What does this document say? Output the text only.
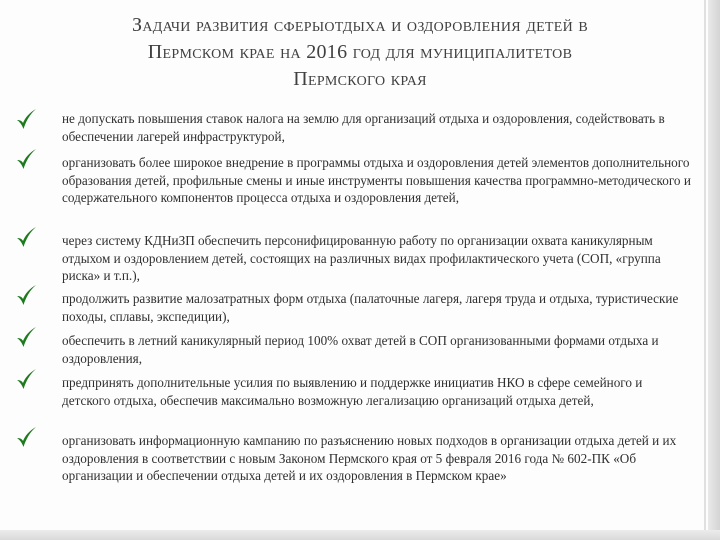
Задачи развития сферыотдыха и оздоровления детей в
Пермском крае на 2016 год для муниципалитетов
Пермского края
не допускать повышения ставок налога на землю для организаций отдыха и оздоровления, содействовать в обеспечении лагерей инфраструктурой,
организовать более широкое внедрение в программы отдыха и оздоровления детей элементов дополнительного образования детей, профильные смены и иные инструменты повышения качества программно-методического и содержательного компонентов процесса отдыха и оздоровления детей,
через систему КДНиЗП обеспечить персонифицированную работу по организации охвата каникулярным отдыхом и оздоровлением детей, состоящих на различных видах профилактического учета (СОП, «группа риска» и т.п.),
продолжить развитие малозатратных форм отдыха (палаточные лагеря, лагеря труда и отдыха, туристические походы, сплавы, экспедиции),
обеспечить в летний каникулярный период 100% охват детей в СОП организованными формами отдыха и оздоровления,
предпринять дополнительные усилия по выявлению и поддержке инициатив НКО в сфере семейного и детского отдыха, обеспечив максимально возможную легализацию организаций отдыха детей,
организовать информационную кампанию по разъяснению новых подходов в организации отдыха детей и их оздоровления в соответствии с новым Законом Пермского края от 5 февраля 2016 года № 602-ПК «Об организации и обеспечении отдыха детей и их оздоровления в Пермском крае»
